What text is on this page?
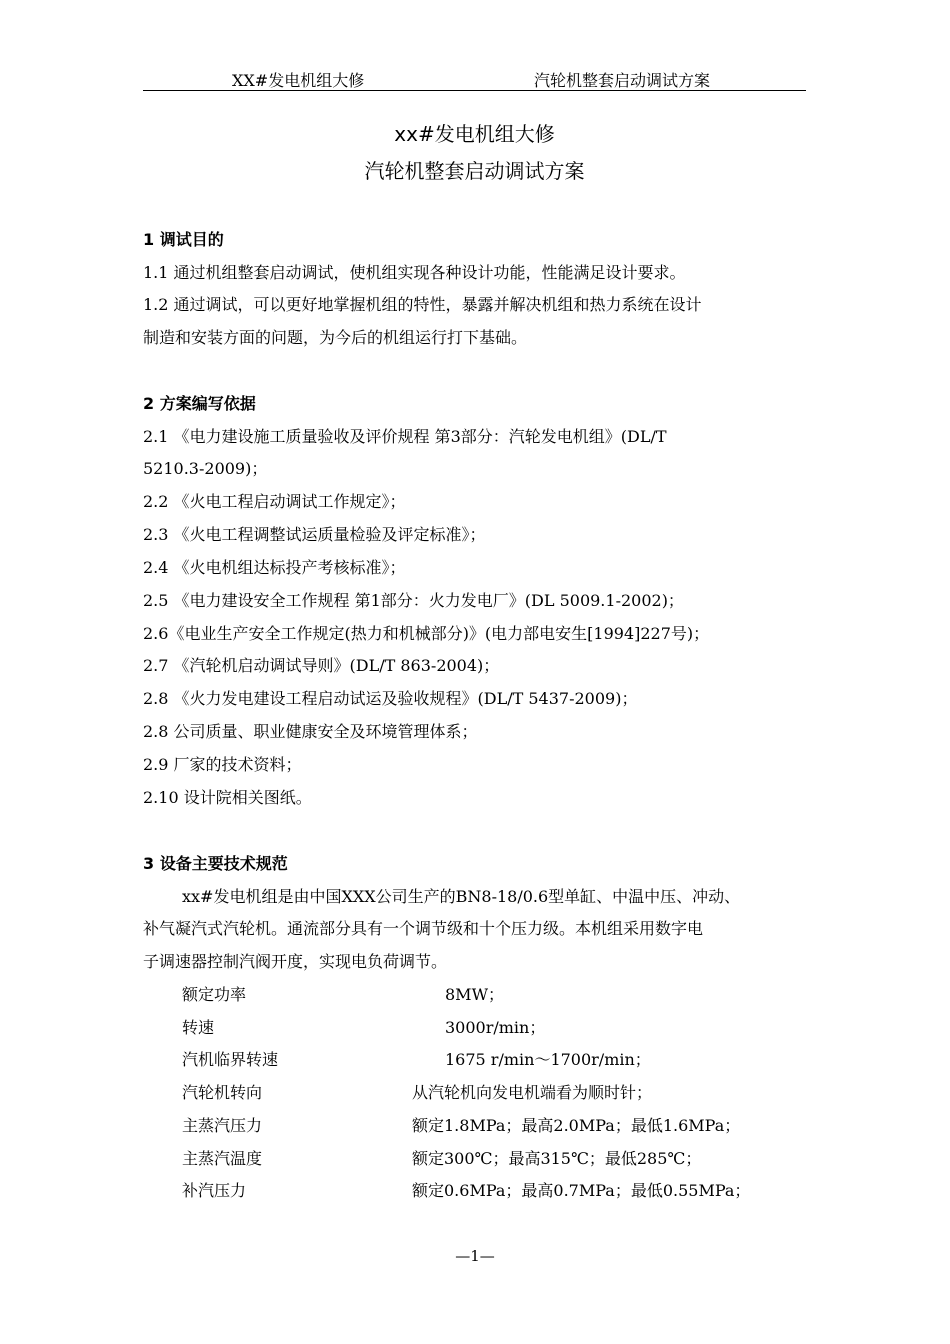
XX#发电机组大修	汽轮机整套启动调试方案
xx#发电机组大修
汽轮机整套启动调试方案
1 调试目的
1.1 通过机组整套启动调试，使机组实现各种设计功能，性能满足设计要求。
1.2 通过调试，可以更好地掌握机组的特性，暴露并解决机组和热力系统在设计
制造和安装方面的问题，为今后的机组运行打下基础。
2 方案编写依据
2.1 《电力建设施工质量验收及评价规程 第3部分：汽轮发电机组》(DL/T
5210.3-2009)；
2.2 《火电工程启动调试工作规定》；
2.3 《火电工程调整试运质量检验及评定标准》；
2.4 《火电机组达标投产考核标准》；
2.5 《电力建设安全工作规程 第1部分：火力发电厂》(DL 5009.1-2002)；
2.6《电业生产安全工作规定(热力和机械部分)》(电力部电安生[1994]227号)；
2.7 《汽轮机启动调试导则》(DL/T 863-2004)；
2.8 《火力发电建设工程启动试运及验收规程》(DL/T 5437-2009)；
2.8 公司质量、职业健康安全及环境管理体系；
2.9 厂家的技术资料；
2.10 设计院相关图纸。
3 设备主要技术规范
xx#发电机组是由中国XXX公司生产的BN8-18/0.6型单缸、中温中压、冲动、
补气凝汽式汽轮机。通流部分具有一个调节级和十个压力级。本机组采用数字电
子调速器控制汽阀开度，实现电负荷调节。
额定功率	8MW；
转速	3000r/min；
汽机临界转速	1675 r/min～1700r/min；
汽轮机转向	从汽轮机向发电机端看为顺时针；
主蒸汽压力	额定1.8MPa；最高2.0MPa；最低1.6MPa；
主蒸汽温度	额定300℃；最高315℃；最低285℃；
补汽压力	额定0.6MPa；最高0.7MPa；最低0.55MPa；
—1—
